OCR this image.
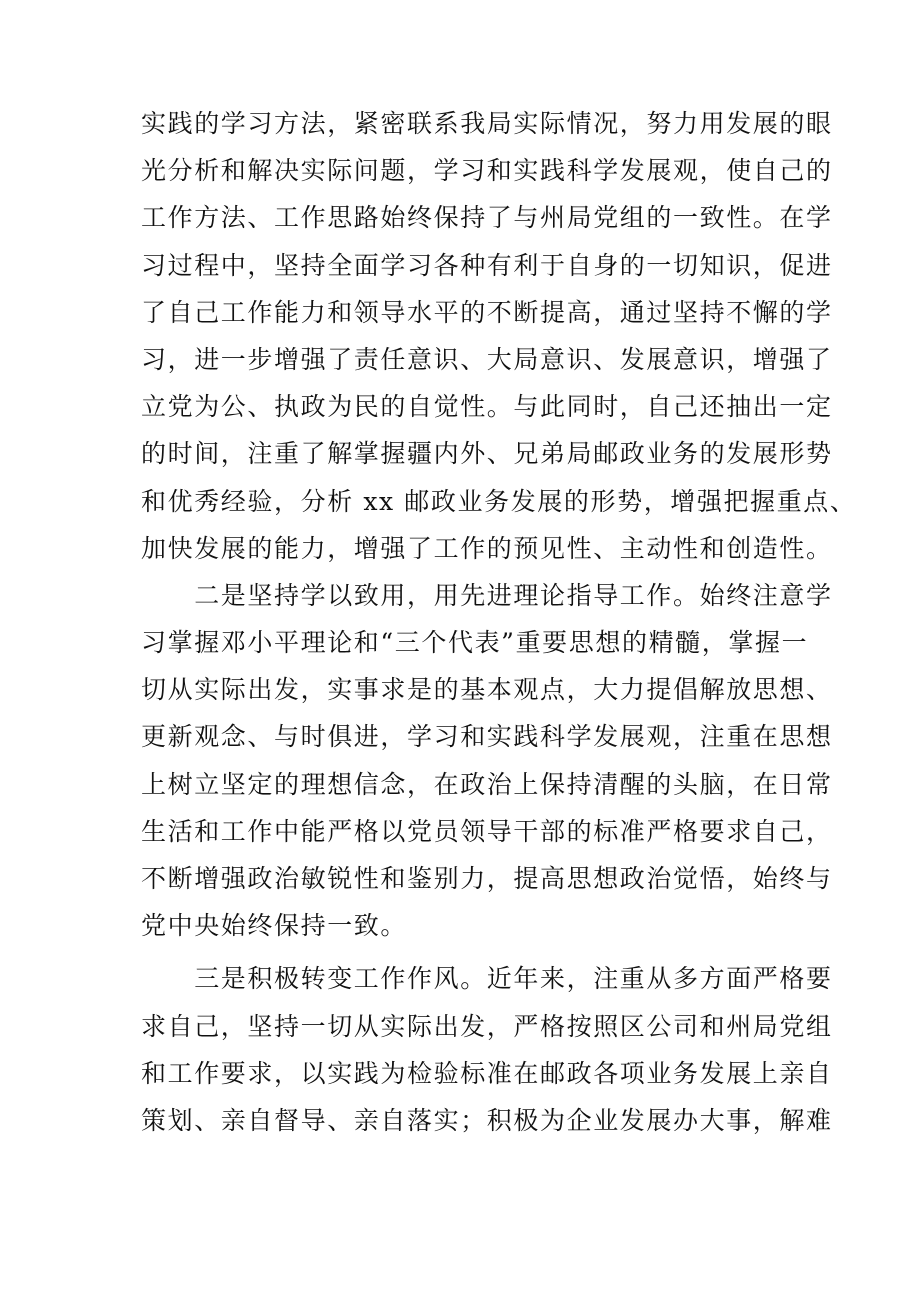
实践的学习方法，紧密联系我局实际情况，努力用发展的眼
光分析和解决实际问题，学习和实践科学发展观，使自己的
工作方法、工作思路始终保持了与州局党组的一致性。在学
习过程中，坚持全面学习各种有利于自身的一切知识，促进
了自己工作能力和领导水平的不断提高，通过坚持不懈的学
习，进一步增强了责任意识、大局意识、发展意识，增强了
立党为公、执政为民的自觉性。与此同时，自己还抽出一定
的时间，注重了解掌握疆内外、兄弟局邮政业务的发展形势
和优秀经验，分析 xx 邮政业务发展的形势，增强把握重点、
加快发展的能力，增强了工作的预见性、主动性和创造性。
　　二是坚持学以致用，用先进理论指导工作。始终注意学
习掌握邓小平理论和“三个代表”重要思想的精髓，掌握一
切从实际出发，实事求是的基本观点，大力提倡解放思想、
更新观念、与时俱进，学习和实践科学发展观，注重在思想
上树立坚定的理想信念，在政治上保持清醒的头脑，在日常
生活和工作中能严格以党员领导干部的标准严格要求自己，
不断增强政治敏锐性和鉴别力，提高思想政治觉悟，始终与
党中央始终保持一致。
　　三是积极转变工作作风。近年来，注重从多方面严格要
求自己，坚持一切从实际出发，严格按照区公司和州局党组
和工作要求，以实践为检验标准在邮政各项业务发展上亲自
策划、亲自督导、亲自落实；积极为企业发展办大事，解难
